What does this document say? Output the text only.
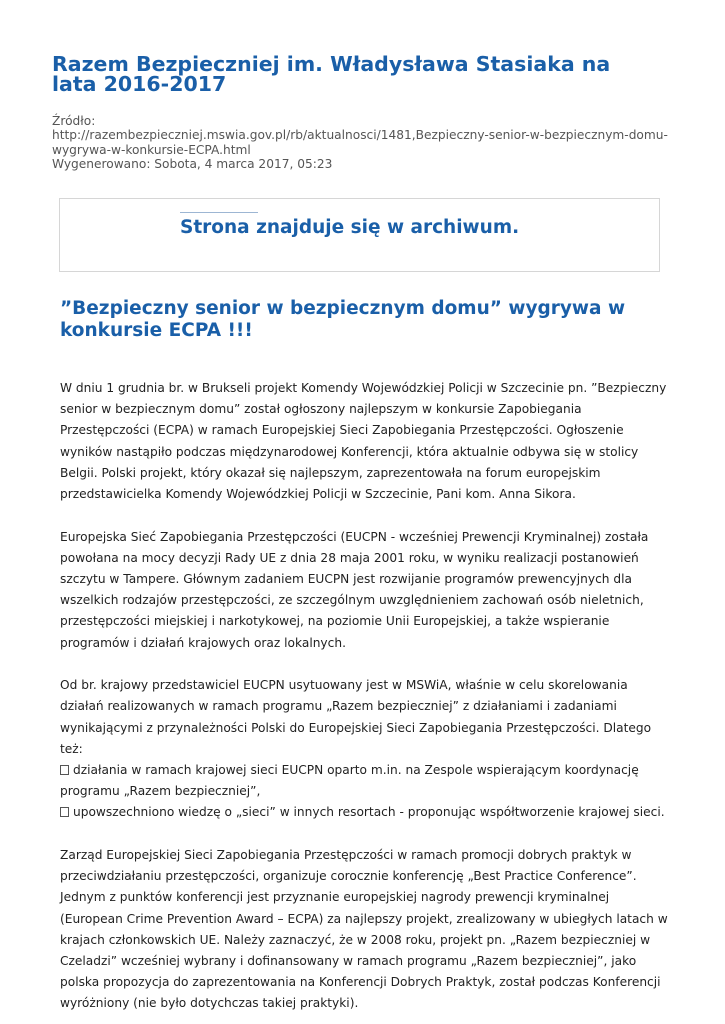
Razem Bezpieczniej im. Władysława Stasiaka na lata 2016-2017
Źródło:
http://razembezpieczniej.mswia.gov.pl/rb/aktualnosci/1481,Bezpieczny-senior-w-bezpiecznym-domu-wygrywa-w-konkursie-ECPA.html
Wygenerowano: Sobota, 4 marca 2017, 05:23
Strona znajduje się w archiwum.
”Bezpieczny senior w bezpiecznym domu” wygrywa w konkursie ECPA !!!

W dniu 1 grudnia br. w Brukseli projekt Komendy Wojewódzkiej Policji w Szczecinie pn. ”Bezpieczny senior w bezpiecznym domu” został ogłoszony najlepszym w konkursie Zapobiegania Przestępczości (ECPA) w ramach Europejskiej Sieci Zapobiegania Przestępczości. Ogłoszenie wyników nastąpiło podczas międzynarodowej Konferencji, która aktualnie odbywa się w stolicy Belgii. Polski projekt, który okazał się najlepszym, zaprezentowała na forum europejskim przedstawicielka Komendy Wojewódzkiej Policji w Szczecinie, Pani kom. Anna Sikora.

Europejska Sieć Zapobiegania Przestępczości (EUCPN - wcześniej Prewencji Kryminalnej) została powołana na mocy decyzji Rady UE z dnia 28 maja 2001 roku, w wyniku realizacji postanowień szczytu w Tampere. Głównym zadaniem EUCPN jest rozwijanie programów prewencyjnych dla wszelkich rodzajów przestępczości, ze szczególnym uwzględnieniem zachowań osób nieletnich, przestępczości miejskiej i narkotykowej, na poziomie Unii Europejskiej, a także wspieranie programów i działań krajowych oraz lokalnych.

Od br. krajowy przedstawiciel EUCPN usytuowany jest w MSWiA, właśnie w celu skorelowania działań realizowanych w ramach programu „Razem bezpieczniej” z działaniami i zadaniami wynikającymi z przynależności Polski do Europejskiej Sieci Zapobiegania Przestępczości. Dlatego też:
działania w ramach krajowej sieci EUCPN oparto m.in. na Zespole wspierającym koordynację programu „Razem bezpieczniej”,
upowszechniono wiedzę o „sieci” w innych resortach - proponując współtworzenie krajowej sieci.

Zarząd Europejskiej Sieci Zapobiegania Przestępczości w ramach promocji dobrych praktyk w przeciwdziałaniu przestępczości, organizuje corocznie konferencję „Best Practice Conference”. Jednym z punktów konferencji jest przyznanie europejskiej nagrody prewencji kryminalnej (European Crime Prevention Award – ECPA) za najlepszy projekt, zrealizowany w ubiegłych latach w krajach członkowskich UE. Należy zaznaczyć, że w 2008 roku, projekt pn. „Razem bezpieczniej w Czeladzi” wcześniej wybrany i dofinansowany w ramach programu „Razem bezpieczniej”, jako polska propozycja do zaprezentowania na Konferencji Dobrych Praktyk, został podczas Konferencji wyróżniony (nie było dotychczas takiej praktyki).
